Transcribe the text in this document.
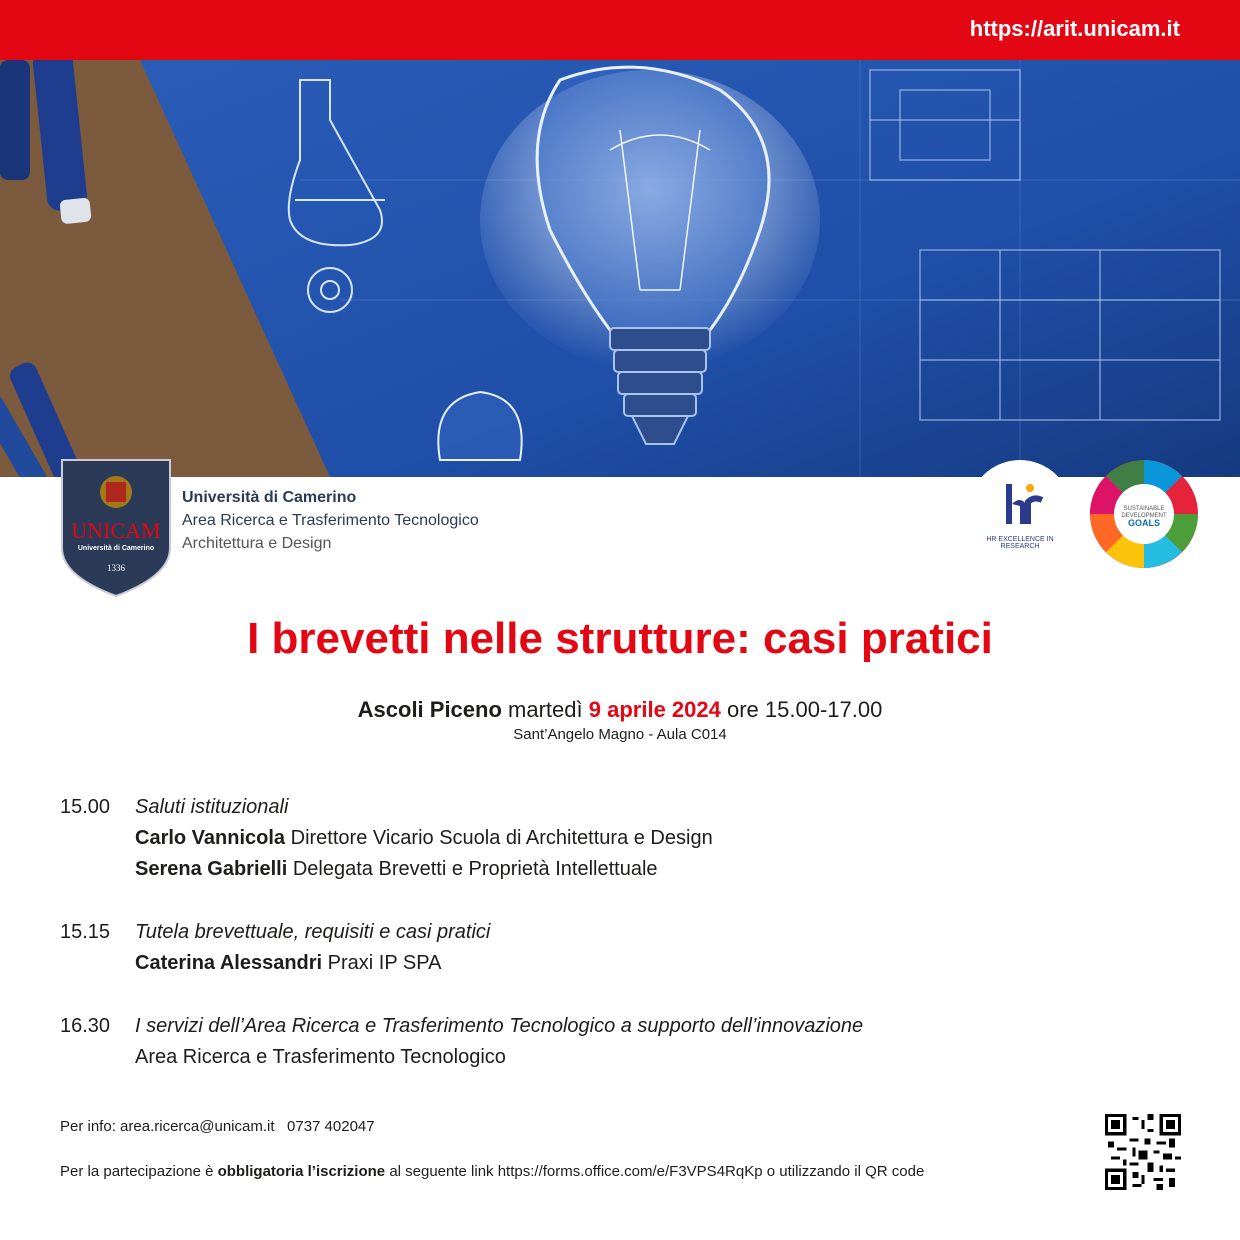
https://arit.unicam.it
UNICAM
Università di Camerino
1336
Università di Camerino
Area Ricerca e Trasferimento Tecnologico
Architettura e Design	HR EXCELLENCE IN RESEARCH
SUSTAINABLE
DEVELOPMENT
GOALS
I brevetti nelle strutture: casi pratici
Ascoli Piceno martedì 9 aprile 2024 ore 15.00-17.00
Sant’Angelo Magno - Aula C014
15.00 Saluti istituzionali
Carlo Vannicola Direttore Vicario Scuola di Architettura e Design
Serena Gabrielli Delegata Brevetti e Proprietà Intellettuale
15.15 Tutela brevettuale, requisiti e casi pratici
Caterina Alessandri Praxi IP SPA
16.30 I servizi dell’Area Ricerca e Trasferimento Tecnologico a supporto dell’innovazione
Area Ricerca e Trasferimento Tecnologico
Per info: area.ricerca@unicam.it 0737 402047
Per la partecipazione è obbligatoria l’iscrizione al seguente link https://forms.office.com/e/F3VPS4RqKp o utilizzando il QR code
